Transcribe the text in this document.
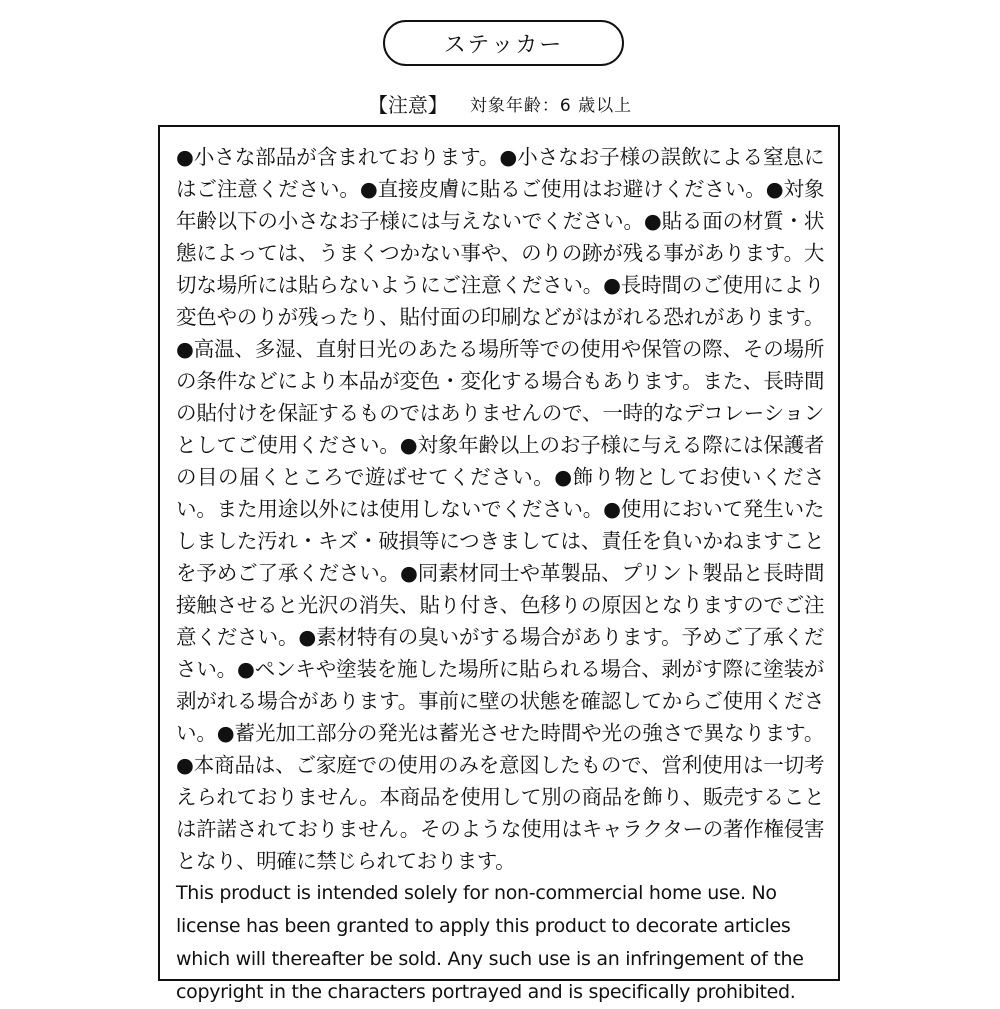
ステッカー
【注意】 対象年齢：6 歳以上

●小さな部品が含まれております。●小さなお子様の誤飲による窒息にはご注意ください。●直接皮膚に貼るご使用はお避けください。●対象年齢以下の小さなお子様には与えないでください。●貼る面の材質・状態によっては、うまくつかない事や、のりの跡が残る事があります。大切な場所には貼らないようにご注意ください。●長時間のご使用により変色やのりが残ったり、貼付面の印刷などがはがれる恐れがあります。●高温、多湿、直射日光のあたる場所等での使用や保管の際、その場所の条件などにより本品が変色・変化する場合もあります。また、長時間の貼付けを保証するものではありませんので、一時的なデコレーションとしてご使用ください。●対象年齢以上のお子様に与える際には保護者の目の届くところで遊ばせてください。●飾り物としてお使いください。また用途以外には使用しないでください。●使用において発生いたしました汚れ・キズ・破損等につきましては、責任を負いかねますことを予めご了承ください。●同素材同士や革製品、プリント製品と長時間接触させると光沢の消失、貼り付き、色移りの原因となりますのでご注意ください。●素材特有の臭いがする場合があります。予めご了承ください。●ペンキや塗装を施した場所に貼られる場合、剥がす際に塗装が剥がれる場合があります。事前に壁の状態を確認してからご使用ください。●蓄光加工部分の発光は蓄光させた時間や光の強さで異なります。●本商品は、ご家庭での使用のみを意図したもので、営利使用は一切考えられておりません。本商品を使用して別の商品を飾り、販売することは許諾されておりません。そのような使用はキャラクターの著作権侵害となり、明確に禁じられております。

This product is intended solely for non-commercial home use. No
license has been granted to apply this product to decorate articles
which will thereafter be sold. Any such use is an infringement of the
copyright in the characters portrayed and is specifically prohibited.
